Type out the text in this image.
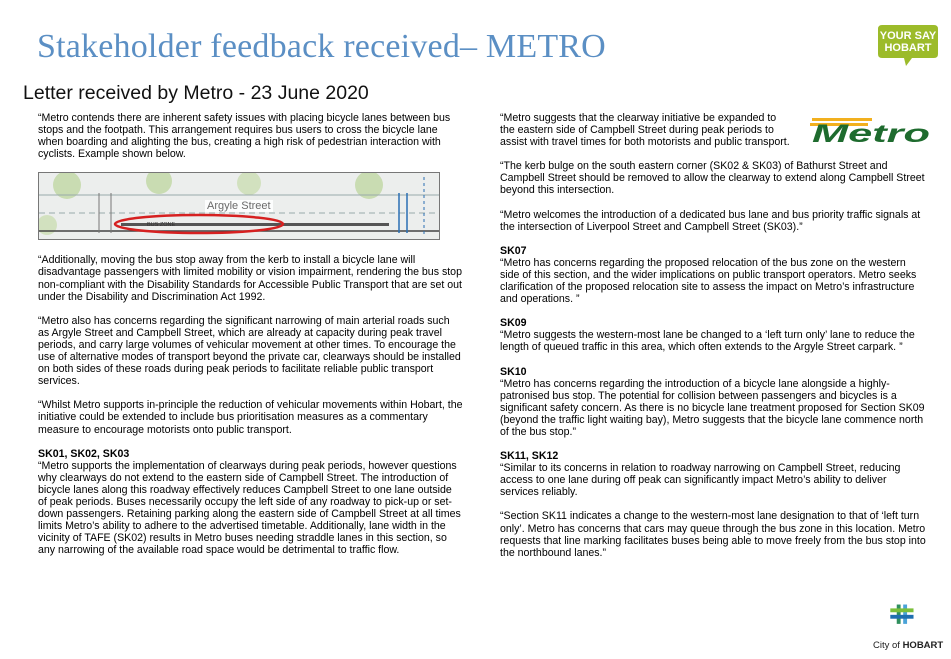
Stakeholder feedback received– METRO	YOUR SAY
HOBART
Letter received by Metro - 23 June 2020

“Metro contends there are inherent safety issues with placing bicycle lanes between bus stops and the footpath. This arrangement requires bus users to cross the bicycle lane when boarding and alighting the bus, creating a high risk of pedestrian interaction with cyclists. Example shown below.

Argyle Street
BUS ZONE

“Additionally, moving the bus stop away from the kerb to install a bicycle lane will disadvantage passengers with limited mobility or vision impairment, rendering the bus stop non-compliant with the Disability Standards for Accessible Public Transport that are set out under the Disability and Discrimination Act 1992.

“Metro also has concerns regarding the significant narrowing of main arterial roads such as Argyle Street and Campbell Street, which are already at capacity during peak travel periods, and carry large volumes of vehicular movement at other times. To encourage the use of alternative modes of transport beyond the private car, clearways should be installed on both sides of these roads during peak periods to facilitate reliable public transport services.

“Whilst Metro supports in-principle the reduction of vehicular movements within Hobart, the initiative could be extended to include bus prioritisation measures as a commentary measure to encourage motorists onto public transport.

SK01, SK02, SK03

“Metro supports the implementation of clearways during peak periods, however questions why clearways do not extend to the eastern side of Campbell Street. The introduction of bicycle lanes along this roadway effectively reduces Campbell Street to one lane outside of peak periods. Buses necessarily occupy the left side of any roadway to pick-up or set-down passengers. Retaining parking along the eastern side of Campbell Street at all times limits Metro’s ability to adhere to the advertised timetable. Additionally, lane width in the vicinity of TAFE (SK02) results in Metro buses needing straddle lanes in this section, so any narrowing of the available road space would be detrimental to traffic flow.

Metro

“Metro suggests that the clearway initiative be expanded to the eastern side of Campbell Street during peak periods to assist with travel times for both motorists and public transport.

“The kerb bulge on the south eastern corner (SK02 & SK03) of Bathurst Street and Campbell Street should be removed to allow the clearway to extend along Campbell Street beyond this intersection.

“Metro welcomes the introduction of a dedicated bus lane and bus priority traffic signals at the intersection of Liverpool Street and Campbell Street (SK03).”

SK07

“Metro has concerns regarding the proposed relocation of the bus zone on the western side of this section, and the wider implications on public transport operators. Metro seeks clarification of the proposed relocation site to assess the impact on Metro’s infrastructure and operations. ”

SK09

“Metro suggests the western-most lane be changed to a ‘left turn only’ lane to reduce the length of queued traffic in this area, which often extends to the Argyle Street carpark. ”

SK10

“Metro has concerns regarding the introduction of a bicycle lane alongside a highly-patronised bus stop. The potential for collision between passengers and bicycles is a significant safety concern. As there is no bicycle lane treatment proposed for Section SK09 (beyond the traffic light waiting bay), Metro suggests that the bicycle lane commence north of the bus stop.”

SK11, SK12

“Similar to its concerns in relation to roadway narrowing on Campbell Street, reducing access to one lane during off peak can significantly impact Metro’s ability to deliver services reliably.

“Section SK11 indicates a change to the western-most lane designation to that of ‘left turn only’. Metro has concerns that cars may queue through the bus zone in this location. Metro requests that line marking facilitates buses being able to move freely from the bus stop into the northbound lanes.”

City of HOBART
